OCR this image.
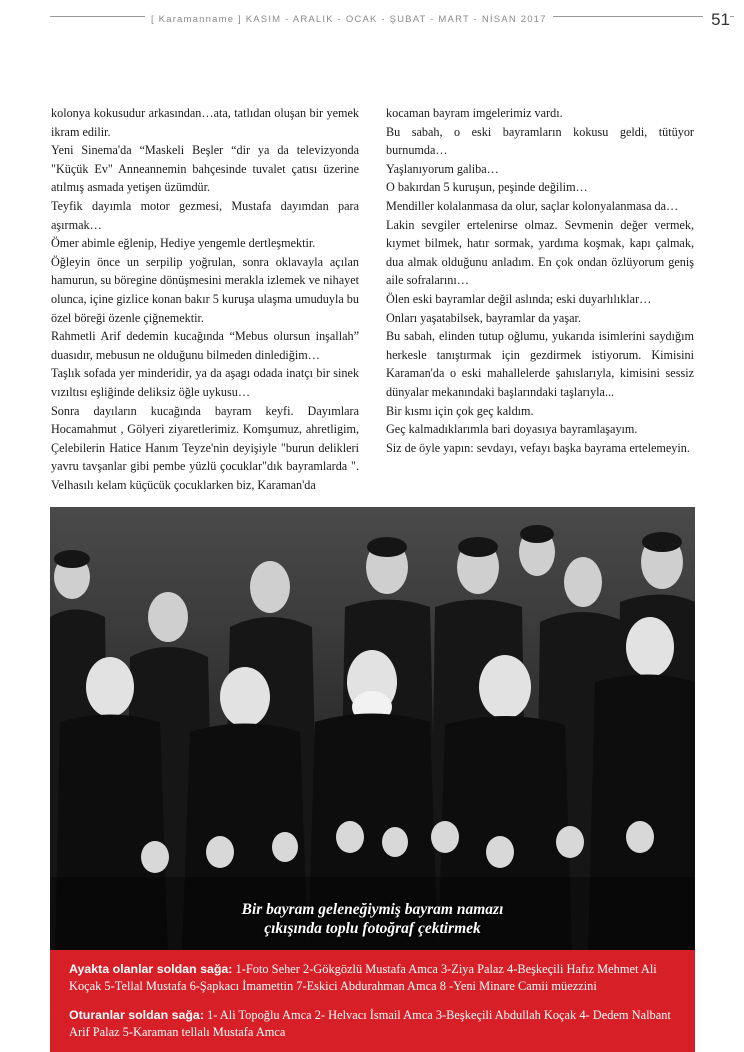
[ Karamanname ] KASIM - ARALIK - OCAK - ŞUBAT - MART - NİSAN 2017	51

kolonya kokusudur arkasından…ata, tatlıdan oluşan bir yemek ikram edilir.

Yeni Sinema'da “Maskeli Beşler “dir ya da televizyonda "Küçük Ev" Anneannemin bahçesinde tuvalet çatısı üzerine atılmış asmada yetişen üzümdür.

Teyfik dayımla motor gezmesi, Mustafa dayımdan para aşırmak…

Ömer abimle eğlenip, Hediye yengemle dertleşmektir.

Öğleyin önce un serpilip yoğrulan, sonra oklavayla açılan hamurun, su böregine dönüşmesini merakla izlemek ve nihayet olunca, içine gizlice konan bakır 5 kuruşa ulaşma umuduyla bu özel böreği özenle çiğnemektir.

Rahmetli Arif dedemin kucağında “Mebus olursun inşallah” duasıdır, mebusun ne olduğunu bilmeden dinlediğim…

Taşlık sofada yer minderidir, ya da aşagı odada inatçı bir sinek vızıltısı eşliğinde deliksiz öğle uykusu…

Sonra dayıların kucağında bayram keyfi. Dayımlara Hocamahmut , Gölyeri ziyaretlerimiz. Komşumuz, ahretligim, Çelebilerin Hatice Hanım Teyze'nin deyişiyle "burun delikleri yavru tavşanlar gibi pembe yüzlü çocuklar"dık bayramlarda ". Velhasılı kelam küçücük çocuklarken biz, Karaman'da

kocaman bayram imgelerimiz vardı.

Bu sabah, o eski bayramların kokusu geldi, tütüyor burnumda…

Yaşlanıyorum galiba…

O bakırdan 5 kuruşun, peşinde değilim…

Mendiller kolalanmasa da olur, saçlar kolonyalanmasa da…

Lakin sevgiler ertelenirse olmaz. Sevmenin değer vermek, kıymet bilmek, hatır sormak, yardıma koşmak, kapı çalmak, dua almak olduğunu anladım. En çok ondan özlüyorum geniş aile sofralarını…

Ölen eski bayramlar değil aslında; eski duyarlılıklar…

Onları yaşatabilsek, bayramlar da yaşar.

Bu sabah, elinden tutup oğlumu, yukarıda isimlerini saydığım herkesle tanıştırmak için gezdirmek istiyorum. Kimisini Karaman'da o eski mahallelerde şahıslarıyla, kimisini sessiz dünyalar mekanındaki başlarındaki taşlarıyla...

Bir kısmı için çok geç kaldım.

Geç kalmadıklarımla bari doyasıya bayramlaşayım.

Siz de öyle yapın: sevdayı, vefayı başka bayrama ertelemeyin.

Bir bayram geleneğiymiş bayram namazı
çıkışında toplu fotoğraf çektirmek

Ayakta olanlar soldan sağa: 1-Foto Seher 2-Gökgözlü Mustafa Amca 3-Ziya Palaz 4-Beşkeçili Hafız Mehmet Ali Koçak 5-Tellal Mustafa 6-Şapkacı İmamettin 7-Eskici Abdurahman Amca 8 -Yeni Minare Camii müezzini

Oturanlar soldan sağa: 1- Ali Topoğlu Amca 2- Helvacı İsmail Amca 3-Beşkeçili Abdullah Koçak 4- Dedem Nalbant Arif Palaz 5-Karaman tellalı Mustafa Amca
